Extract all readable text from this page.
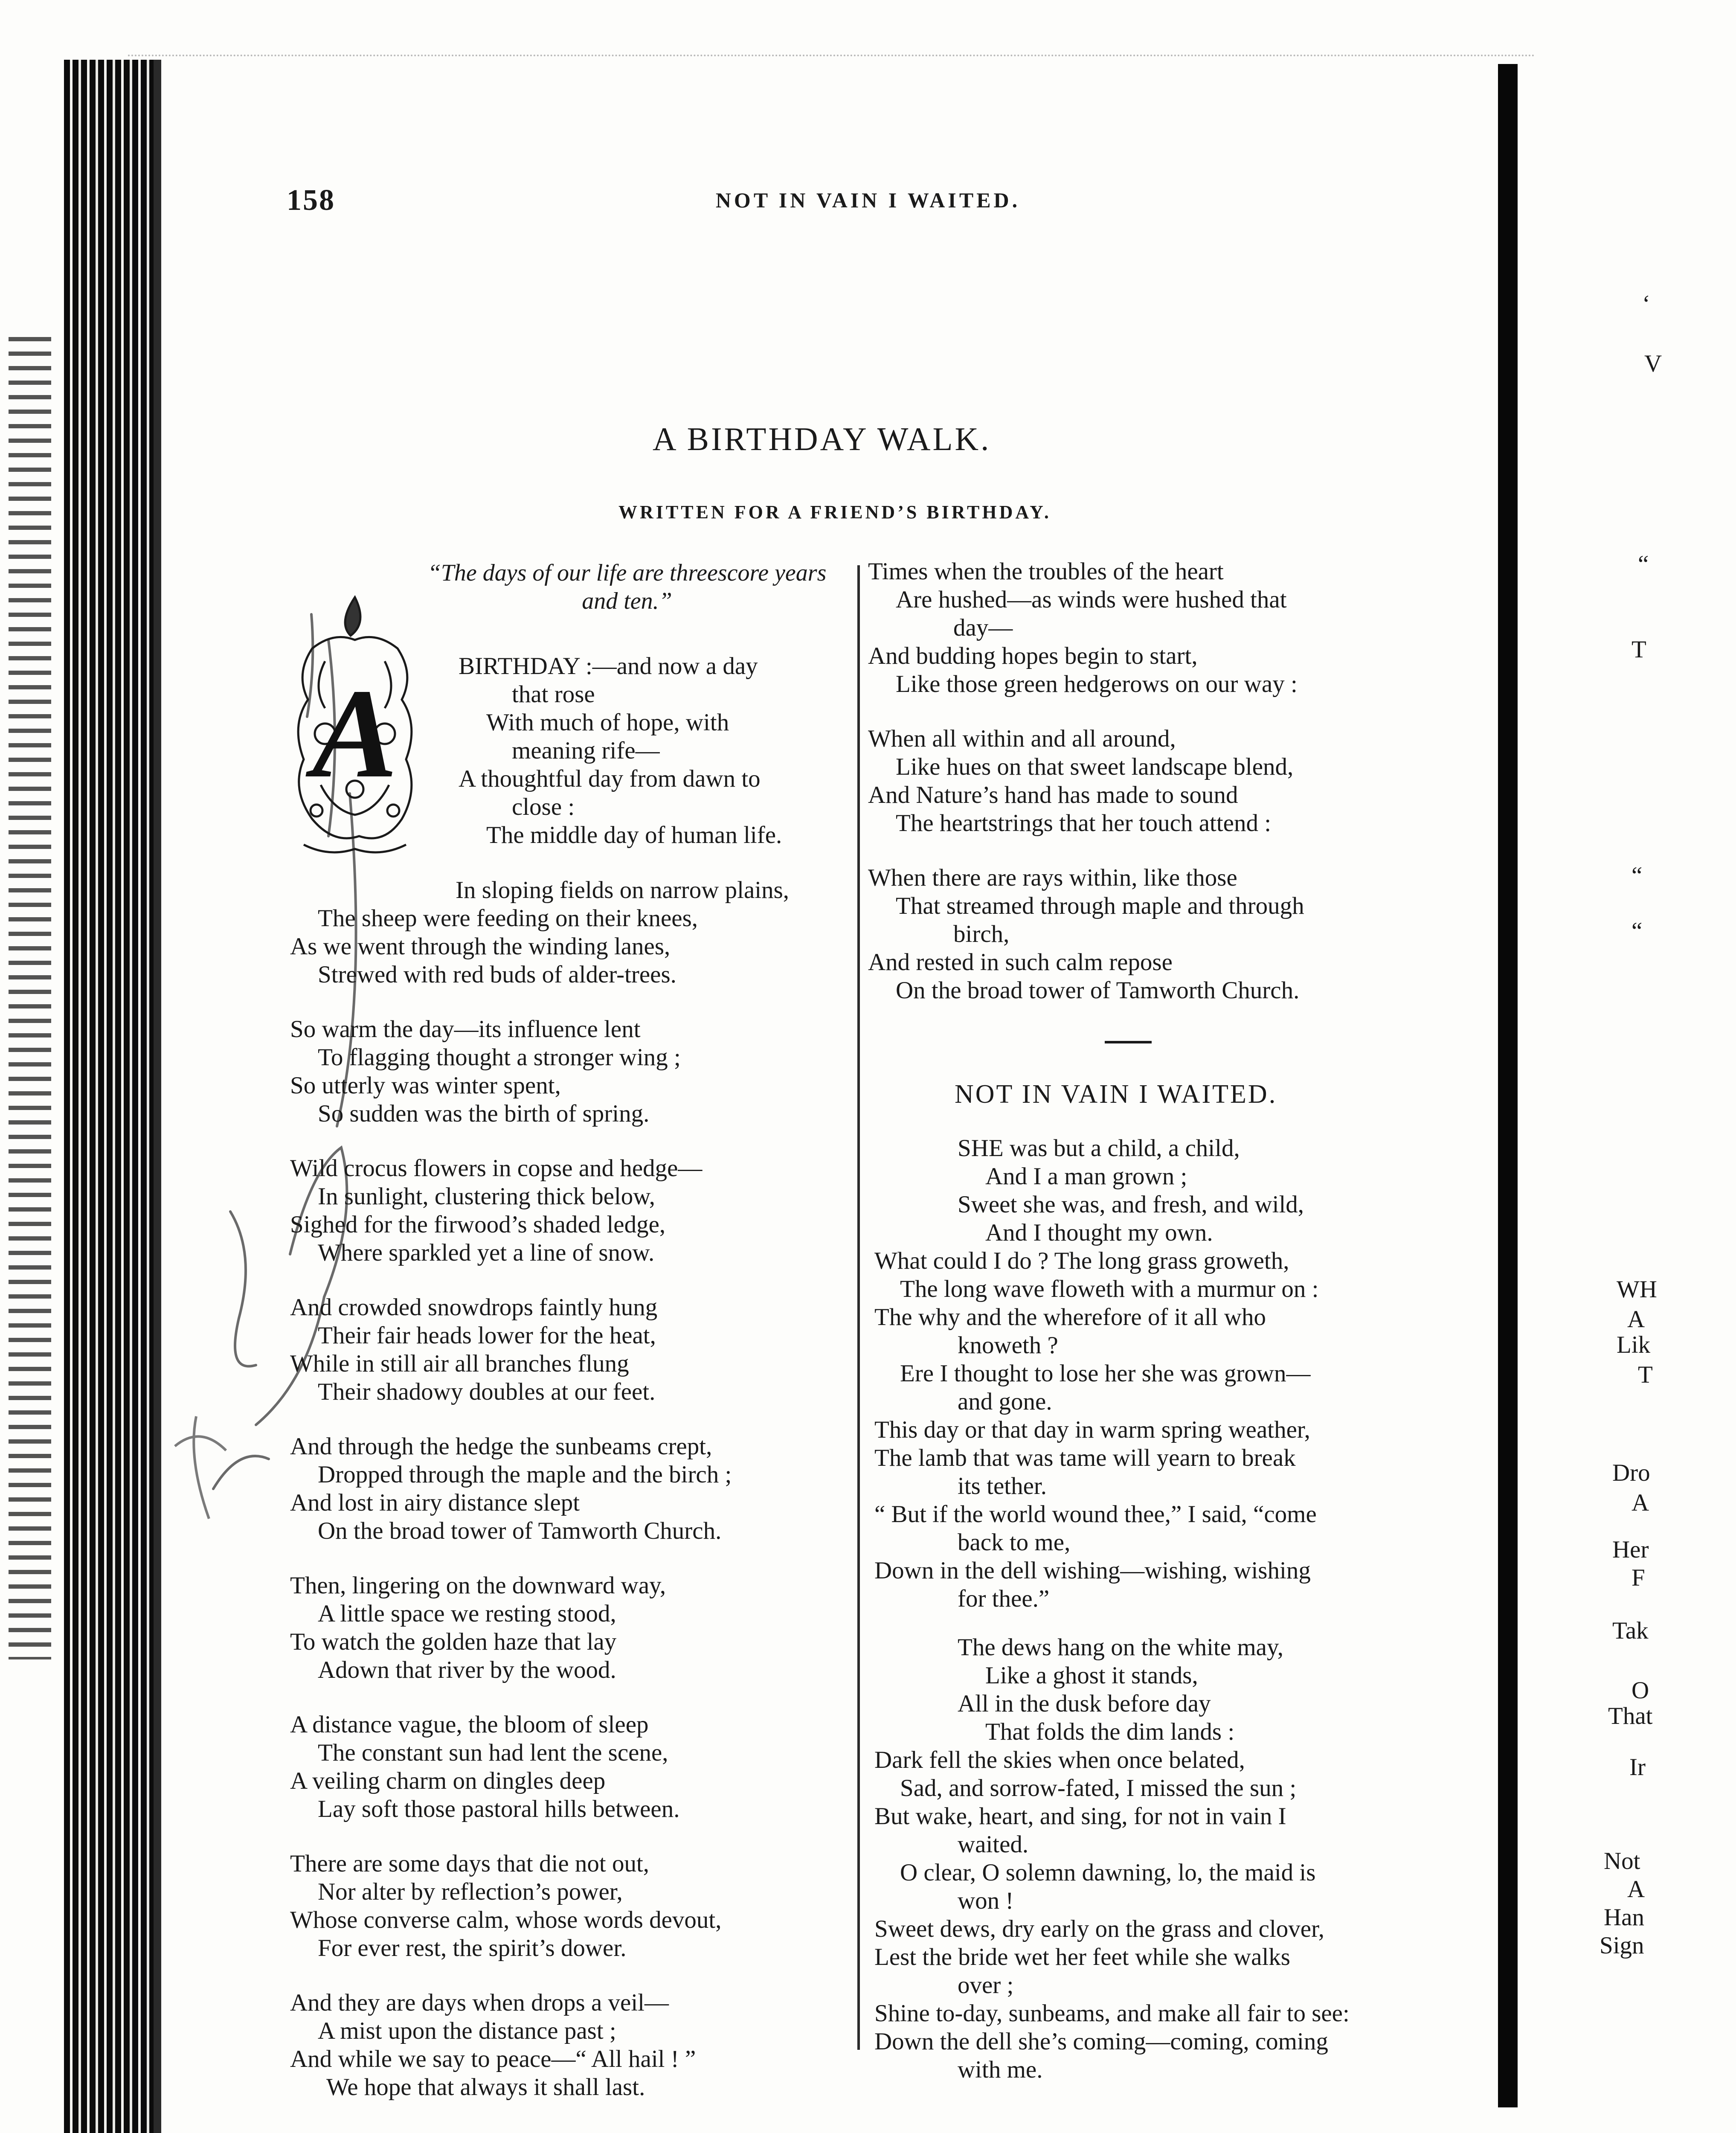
158	NOT IN VAIN I WAITED.
A BIRTHDAY WALK.
WRITTEN FOR A FRIEND’S BIRTHDAY.
“The days of our life are threescore years and ten.”
A	BIRTHDAY :—and now a day
that rose
With much of hope, with
meaning rife—
A thoughtful day from dawn to
close :
The middle day of human life.
In sloping fields on narrow plains,
The sheep were feeding on their knees,
As we went through the winding lanes,
Strewed with red buds of alder-trees.
So warm the day—its influence lent
To flagging thought a stronger wing ;
So utterly was winter spent,
So sudden was the birth of spring.
Wild crocus flowers in copse and hedge—
In sunlight, clustering thick below,
Sighed for the firwood’s shaded ledge,
Where sparkled yet a line of snow.
And crowded snowdrops faintly hung
Their fair heads lower for the heat,
While in still air all branches flung
Their shadowy doubles at our feet.
And through the hedge the sunbeams crept,
Dropped through the maple and the birch ;
And lost in airy distance slept
On the broad tower of Tamworth Church.
Then, lingering on the downward way,
A little space we resting stood,
To watch the golden haze that lay
Adown that river by the wood.
A distance vague, the bloom of sleep
The constant sun had lent the scene,
A veiling charm on dingles deep
Lay soft those pastoral hills between.
There are some days that die not out,
Nor alter by reflection’s power,
Whose converse calm, whose words devout,
For ever rest, the spirit’s dower.
And they are days when drops a veil—
A mist upon the distance past ;
And while we say to peace—“ All hail ! ”
We hope that always it shall last.
Times when the troubles of the heart
Are hushed—as winds were hushed that
day—
And budding hopes begin to start,
Like those green hedgerows on our way :
When all within and all around,
Like hues on that sweet landscape blend,
And Nature’s hand has made to sound
The heartstrings that her touch attend :
When there are rays within, like those
That streamed through maple and through
birch,
And rested in such calm repose
On the broad tower of Tamworth Church.
NOT IN VAIN I WAITED.
SHE was but a child, a child,
And I a man grown ;
Sweet she was, and fresh, and wild,
And I thought my own.
What could I do ? The long grass groweth,
The long wave floweth with a murmur on :
The why and the wherefore of it all who
knoweth ?
Ere I thought to lose her she was grown—
and gone.
This day or that day in warm spring weather,
The lamb that was tame will yearn to break
its tether.
“ But if the world wound thee,” I said, “come
back to me,
Down in the dell wishing—wishing, wishing
for thee.”
The dews hang on the white may,
Like a ghost it stands,
All in the dusk before day
That folds the dim lands :
Dark fell the skies when once belated,
Sad, and sorrow-fated, I missed the sun ;
But wake, heart, and sing, for not in vain I
waited.
O clear, O solemn dawning, lo, the maid is
won !
Sweet dews, dry early on the grass and clover,
Lest the bride wet her feet while she walks
over ;
Shine to-day, sunbeams, and make all fair to see:
Down the dell she’s coming—coming, coming
with me.
‘
V
“
T
“
“
WH
A
Lik
T
Dro
A
Her
F
Tak
O
That
Ir
Not
A
Han
Sign
